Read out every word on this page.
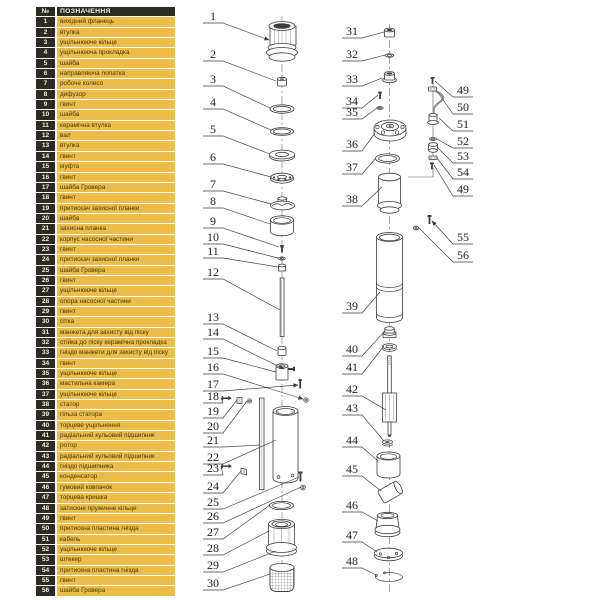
№	ПОЗНАЧЕННЯ
1	вихідний фланець
2	втулка
3	ущільнююче кільце
4	ущільнююча прокладка
5	шайба
6	направляюча лопатка
7	робоче колесо
8	дифузор
9	гвинт
10	шайба
11	керамічна втулка
12	вал
13	втулка
14	гвинт
15	муфта
16	гвинт
17	шайба Гровера
18	гвинт
19	притискач захисної планки
20	шайба
21	захисна планка
22	корпус насосної частини
23	гвинт
24	притискач захисної планки
25	шайба Гровера
26	гвинт
27	ущільнююче кільце
28	опора насосної частини
29	гвинт
30	сітка
31	манжета для захисту від піску
32	стійка до піску керамічна прокладка
33	гніздо манжети для захисту від піску
34	гвинт
35	ущільнююче кільце
36	мастильна камера
37	ущільнююче кільце
38	статор
39	гільза статора
40	торцеве ущільнення
41	радіальний кульовий підшипник
42	ротор
43	радіальний кульовий підшипник
44	гніздо підшипника
45	конденсатор
46	гумовий ковпачок
47	торцева кришка
48	затискне пружинне кільце
49	гвинт
50	притискна пластина гнізда
51	кабель
52	ущільнююче кільце
53	штекер
54	притискна пластина гнізда
55	гвинт
56	шайба Гровера
1
2
3
4
5
6
7
8
9
10
11
12
13
14
15
16
17
18
19
20
21
22
23
24
25
26
27
28
29
30
31
32
33
34
35
36
37
38
39
40
41
42
43
44
45
46
47
48
49
50
51
52
53
54
49
55
56
